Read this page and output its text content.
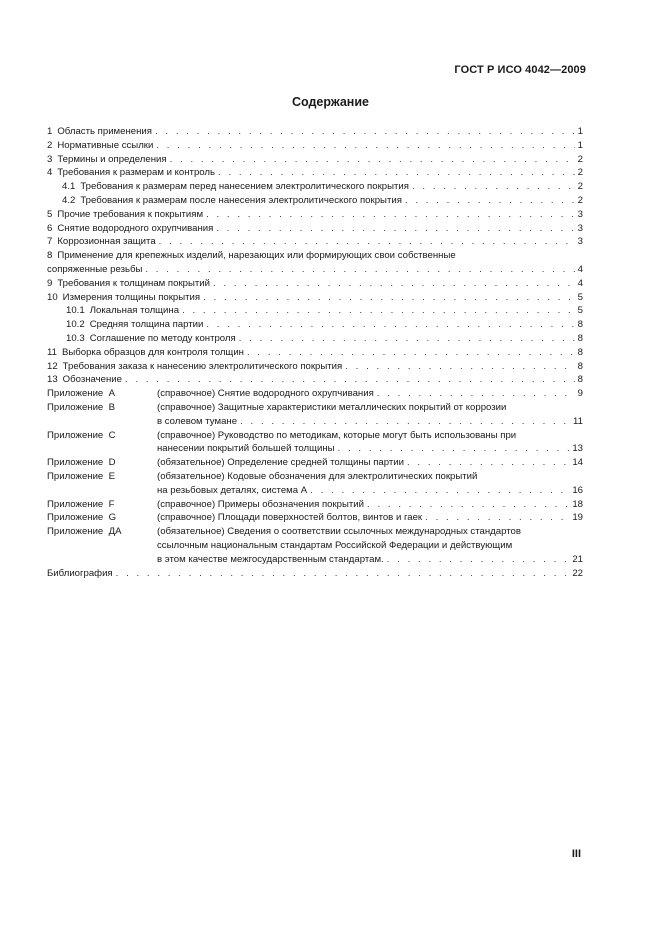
ГОСТ Р ИСО 4042—2009
Содержание
1 Область применения . . .	1
2 Нормативные ссылки . . .	1
3 Термины и определения . . .	2
4 Требования к размерам и контроль . . .	2
4.1 Требования к размерам перед нанесением электролитического покрытия . . .	2
4.2 Требования к размерам после нанесения электролитического покрытия . . .	2
5 Прочие требования к покрытиям . . .	3
6 Снятие водородного охрупчивания . . .	3
7 Коррозионная защита . . .	3
8 Применение для крепежных изделий, нарезающих или формирующих свои собственные
сопряженные резьбы . . .	4
9 Требования к толщинам покрытий . . .	4
10 Измерения толщины покрытия . . .	5
10.1 Локальная толщина . . .	5
10.2 Средняя толщина партии . . .	8
10.3 Соглашение по методу контроля . . .	8
11 Выборка образцов для контроля толщин . . .	8
12 Требования заказа к нанесению электролитического покрытия . . .	8
13 Обозначение . . .	8
Приложение  A	(справочное) Снятие водородного охрупчивания . . .	9
Приложение  B	(справочное) Защитные характеристики металлических покрытий от коррозии
в солевом тумане . . .	11
Приложение  C	(справочное) Руководство по методикам, которые могут быть использованы при
нанесении покрытий большей толщины . . .	13
Приложение  D	(обязательное) Определение средней толщины партии . . .	14
Приложение  E	(обязательное) Кодовые обозначения для электролитических покрытий
на резьбовых деталях, система А . . .	16
Приложение  F	(справочное) Примеры обозначения покрытий . . .	18
Приложение  G	(справочное) Площади поверхностей болтов, винтов и гаек . . .	19
Приложение  ДА	(обязательное) Сведения о соответствии ссылочных международных стандартов
ссылочным национальным стандартам Российской Федерации и действующим
в этом качестве межгосударственным стандартам. . . .	21
Библиография . . .	22
III
